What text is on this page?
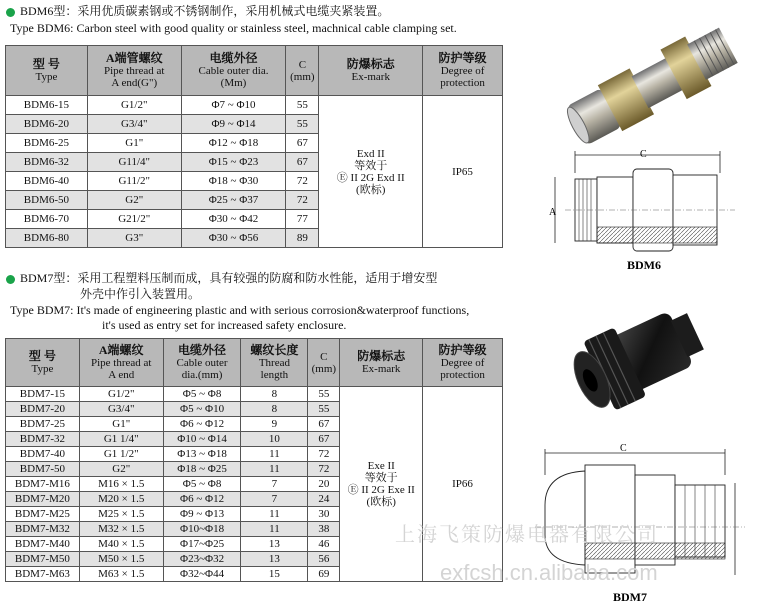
BDM6型：采用优质碳素钢或不锈钢制作，采用机械式电缆夹紧装置。
Type BDM6: Carbon steel with good quality or stainless steel, machnical cable clamping set.
型 号
Type	A端管螺纹
Pipe thread at
A end(G")	电缆外径
Cable outer dia.
(Mm)	C
(mm)	防爆标志
Ex-mark	防护等级
Degree of
protection
BDM6-15	G1/2"	Φ7 ~ Φ10	55	Exd II
等效于
Ⓔ II 2G Exd II
(欧标)	IP65
BDM6-20	G3/4"	Φ9 ~ Φ14	55		
BDM6-25	G1"	Φ12 ~ Φ18	67		
BDM6-32	G11/4"	Φ15 ~ Φ23	67		
BDM6-40	G11/2"	Φ18 ~ Φ30	72		
BDM6-50	G2"	Φ25 ~ Φ37	72		
BDM6-70	G21/2"	Φ30 ~ Φ42	77		
BDM6-80	G3"	Φ30 ~ Φ56	89		
C
A
BDM6
BDM7型：采用工程塑料压制而成，具有较强的防腐和防水性能，适用于增安型
外壳中作引入装置用。
Type BDM7: It's made of engineering plastic and with serious corrosion&waterproof functions,
it's used as entry set for increased safety enclosure.
型 号
Type	A端螺纹
Pipe thread at
A end	电缆外径
Cable outer
dia.(mm)	螺纹长度
Thread
length	C
(mm)	防爆标志
Ex-mark	防护等级
Degree of
protection
BDM7-15	G1/2"	Φ5 ~ Φ8	8	55	Exe II
等效于
Ⓔ II 2G Exe II
(欧标)	IP66
BDM7-20	G3/4"	Φ5 ~ Φ10	8	55		
BDM7-25	G1"	Φ6 ~ Φ12	9	67		
BDM7-32	G1 1/4"	Φ10 ~ Φ14	10	67		
BDM7-40	G1 1/2"	Φ13 ~ Φ18	11	72		
BDM7-50	G2"	Φ18 ~ Φ25	11	72		
BDM7-M16	M16 × 1.5	Φ5 ~ Φ8	7	20		
BDM7-M20	M20 × 1.5	Φ6 ~ Φ12	7	24		
BDM7-M25	M25 × 1.5	Φ9 ~ Φ13	11	30		
BDM7-M32	M32 × 1.5	Φ10~Φ18	11	38		
BDM7-M40	M40 × 1.5	Φ17~Φ25	13	46		
BDM7-M50	M50 × 1.5	Φ23~Φ32	13	56		
BDM7-M63	M63 × 1.5	Φ32~Φ44	15	69		
C
BDM7
上海飞策防爆电器有限公司
exfcsh.cn.alibaba.com
